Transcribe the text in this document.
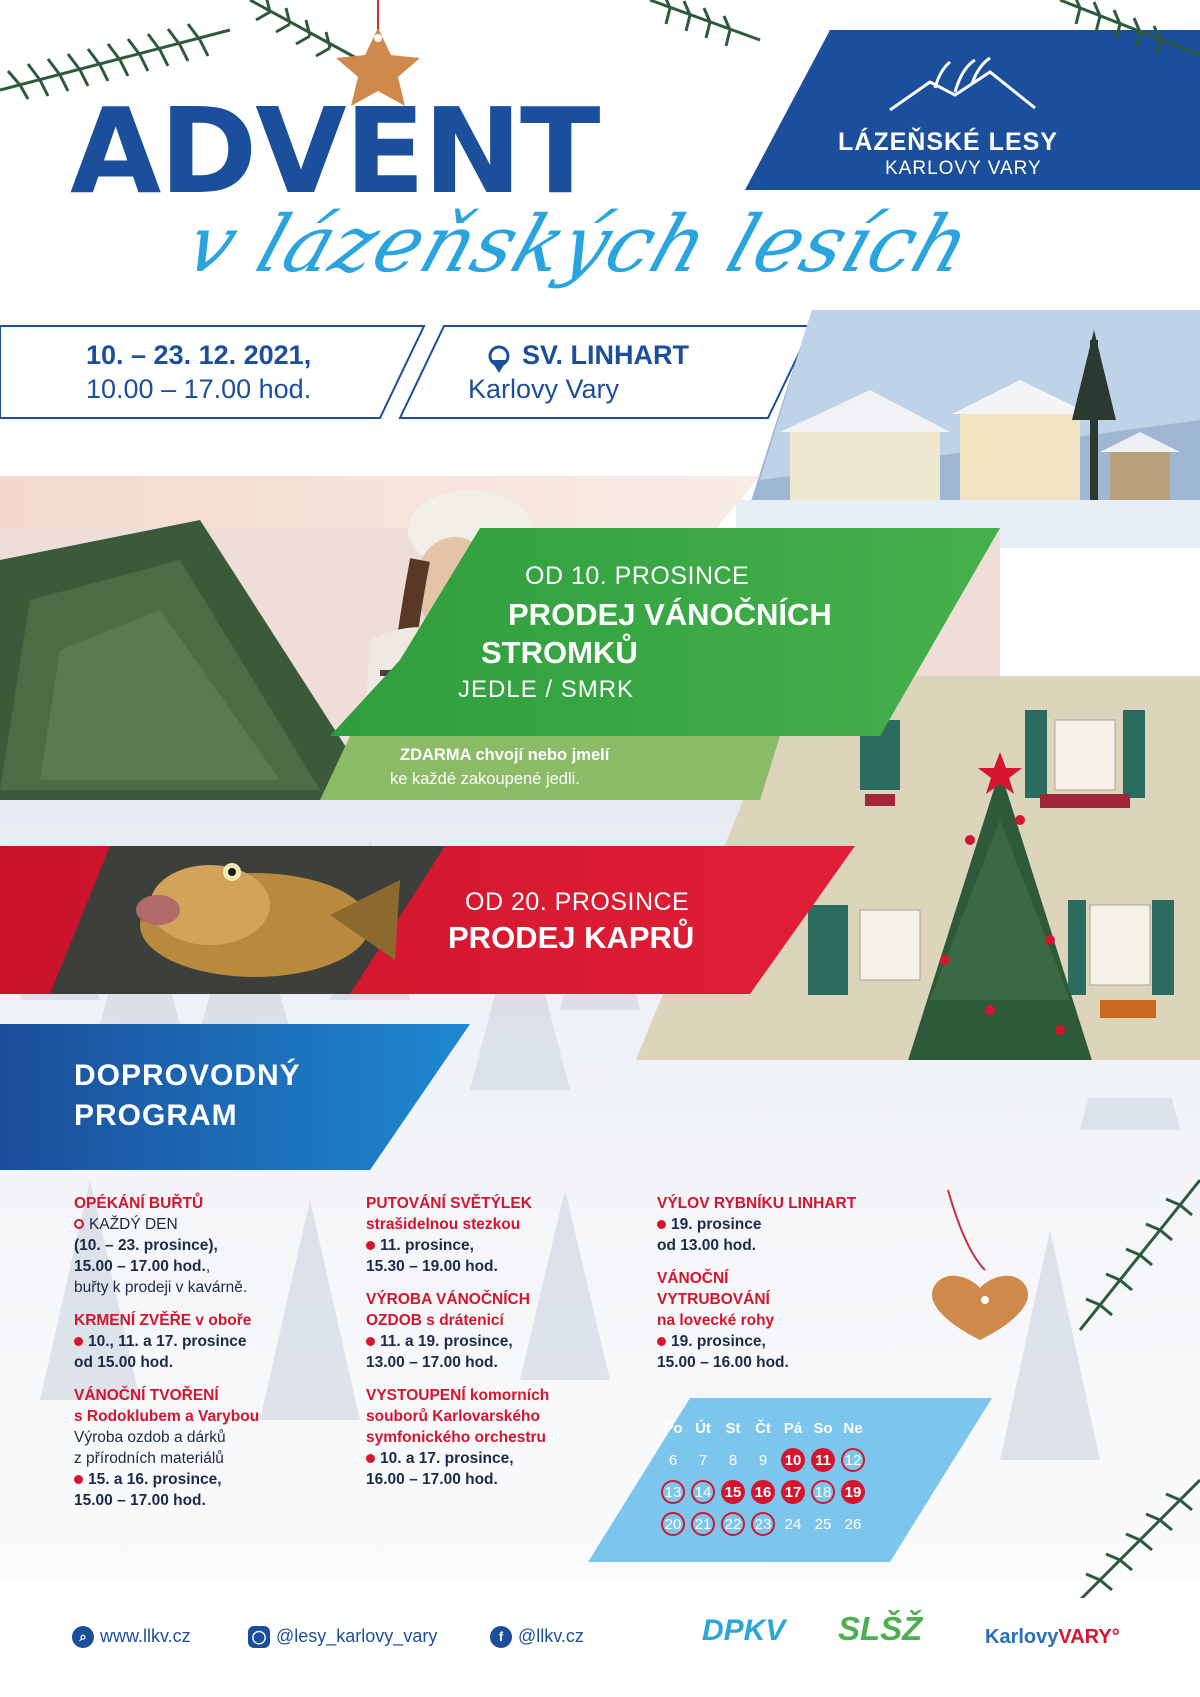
ADVENT
v lázeňských lesích
LÁZEŇSKÉ LESY
KARLOVY VARY
10. – 23. 12. 2021,
10.00 – 17.00 hod.
SV. LINHART
Karlovy Vary
OD 10. PROSINCE
PRODEJ VÁNOČNÍCH
STROMKŮ
JEDLE / SMRK
ZDARMA chvojí nebo jmelí
ke každé zakoupené jedli.
OD 20. PROSINCE
PRODEJ KAPRŮ
DOPROVODNÝ
PROGRAM
OPÉKÁNÍ BUŘTŮ
KAŽDÝ DEN
(10. – 23. prosince),
15.00 – 17.00 hod.,
buřty k prodeji v kavárně.
KRMENÍ ZVĚŘE v oboře
10., 11. a 17. prosince
od 15.00 hod.
VÁNOČNÍ TVOŘENÍ
s Rodoklubem a Varybou
Výroba ozdob a dárků
z přírodních materiálů
15. a 16. prosince,
15.00 – 17.00 hod.
PUTOVÁNÍ SVĚTÝLEK
strašidelnou stezkou
11. prosince,
15.30 – 19.00 hod.
VÝROBA VÁNOČNÍCH
OZDOB s drátenicí
11. a 19. prosince,
13.00 – 17.00 hod.
VYSTOUPENÍ komorních
souborů Karlovarského
symfonického orchestru
10. a 17. prosince,
16.00 – 17.00 hod.
VÝLOV RYBNÍKU LINHART
19. prosince
od 13.00 hod.
VÁNOČNÍ
VYTRUBOVÁNÍ
na lovecké rohy
19. prosince,
15.00 – 16.00 hod.
Po Út St Čt Pá So Ne
6	7	8	9	10 11 12
13 14 15 16 17 18 19
20 21 22 23 24 25 26
⌕ www.llkv.cz	◯ @lesy_karlovy_vary	f @llkv.cz	DPKV SLŠŽ	KarlovyVARY°
